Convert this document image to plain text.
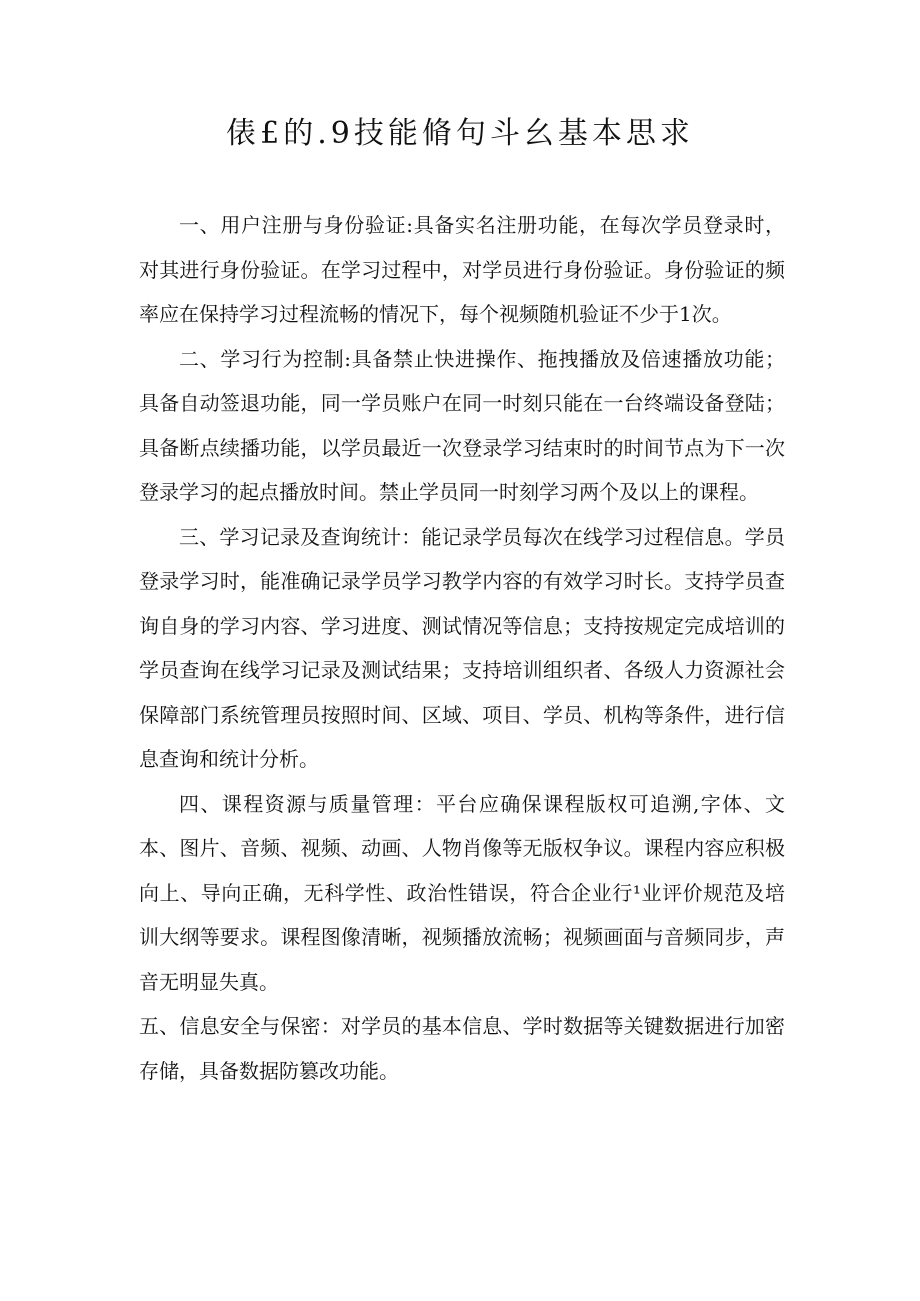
俵£的.9技能脩句斗幺基本思求

一、用户注册与身份验证:具备实名注册功能，在每次学员登录时，对其进行身份验证。在学习过程中，对学员进行身份验证。身份验证的频率应在保持学习过程流畅的情况下，每个视频随机验证不少于1次。

二、学习行为控制:具备禁止快进操作、拖拽播放及倍速播放功能；具备自动签退功能，同一学员账户在同一时刻只能在一台终端设备登陆；具备断点续播功能，以学员最近一次登录学习结束时的时间节点为下一次登录学习的起点播放时间。禁止学员同一时刻学习两个及以上的课程。

三、学习记录及查询统计：能记录学员每次在线学习过程信息。学员登录学习时，能准确记录学员学习教学内容的有效学习时长。支持学员查询自身的学习内容、学习进度、测试情况等信息；支持按规定完成培训的学员查询在线学习记录及测试结果；支持培训组织者、各级人力资源社会保障部门系统管理员按照时间、区域、项目、学员、机构等条件，进行信息查询和统计分析。

四、课程资源与质量管理：平台应确保课程版权可追溯,字体、文本、图片、音频、视频、动画、人物肖像等无版权争议。课程内容应积极向上、导向正确，无科学性、政治性错误，符合企业行¹业评价规范及培训大纲等要求。课程图像清晰，视频播放流畅；视频画面与音频同步，声音无明显失真。

五、信息安全与保密：对学员的基本信息、学时数据等关键数据进行加密存储，具备数据防篡改功能。
